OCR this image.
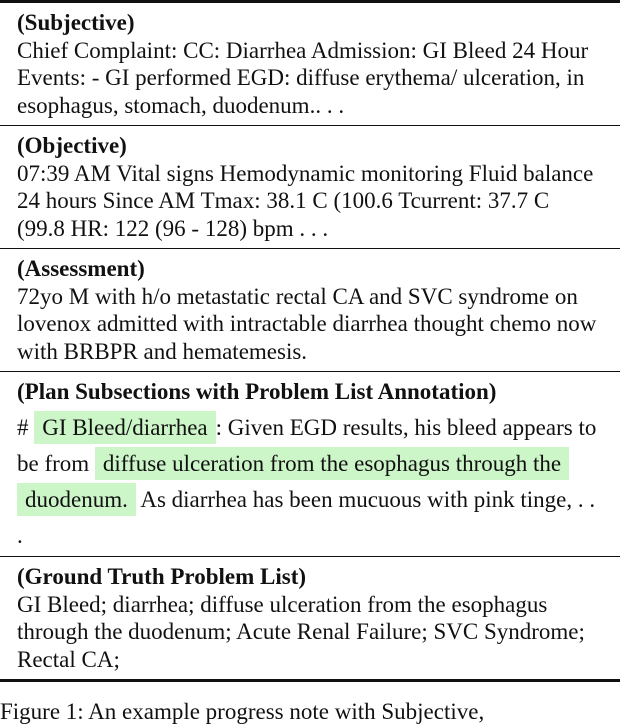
(Subjective)
Chief Complaint: CC: Diarrhea Admission: GI Bleed 24 Hour Events: - GI performed EGD: diffuse erythema/ ulceration, in esophagus, stomach, duodenum.. . .
(Objective)
07:39 AM Vital signs Hemodynamic monitoring Fluid balance 24 hours Since AM Tmax: 38.1 C (100.6 Tcurrent: 37.7 C (99.8 HR: 122 (96 - 128) bpm . . .
(Assessment)
72yo M with h/o metastatic rectal CA and SVC syndrome on lovenox admitted with intractable diarrhea thought chemo now with BRBPR and hematemesis.
(Plan Subsections with Problem List Annotation)
# GI Bleed/diarrhea : Given EGD results, his bleed appears to be from diffuse ulceration from the esophagus through the duodenum. As diarrhea has been mucuous with pink tinge, . . .
(Ground Truth Problem List)
GI Bleed; diarrhea; diffuse ulceration from the esophagus through the duodenum; Acute Renal Failure; SVC Syndrome; Rectal CA;
Figure 1: An example progress note with Subjective,
